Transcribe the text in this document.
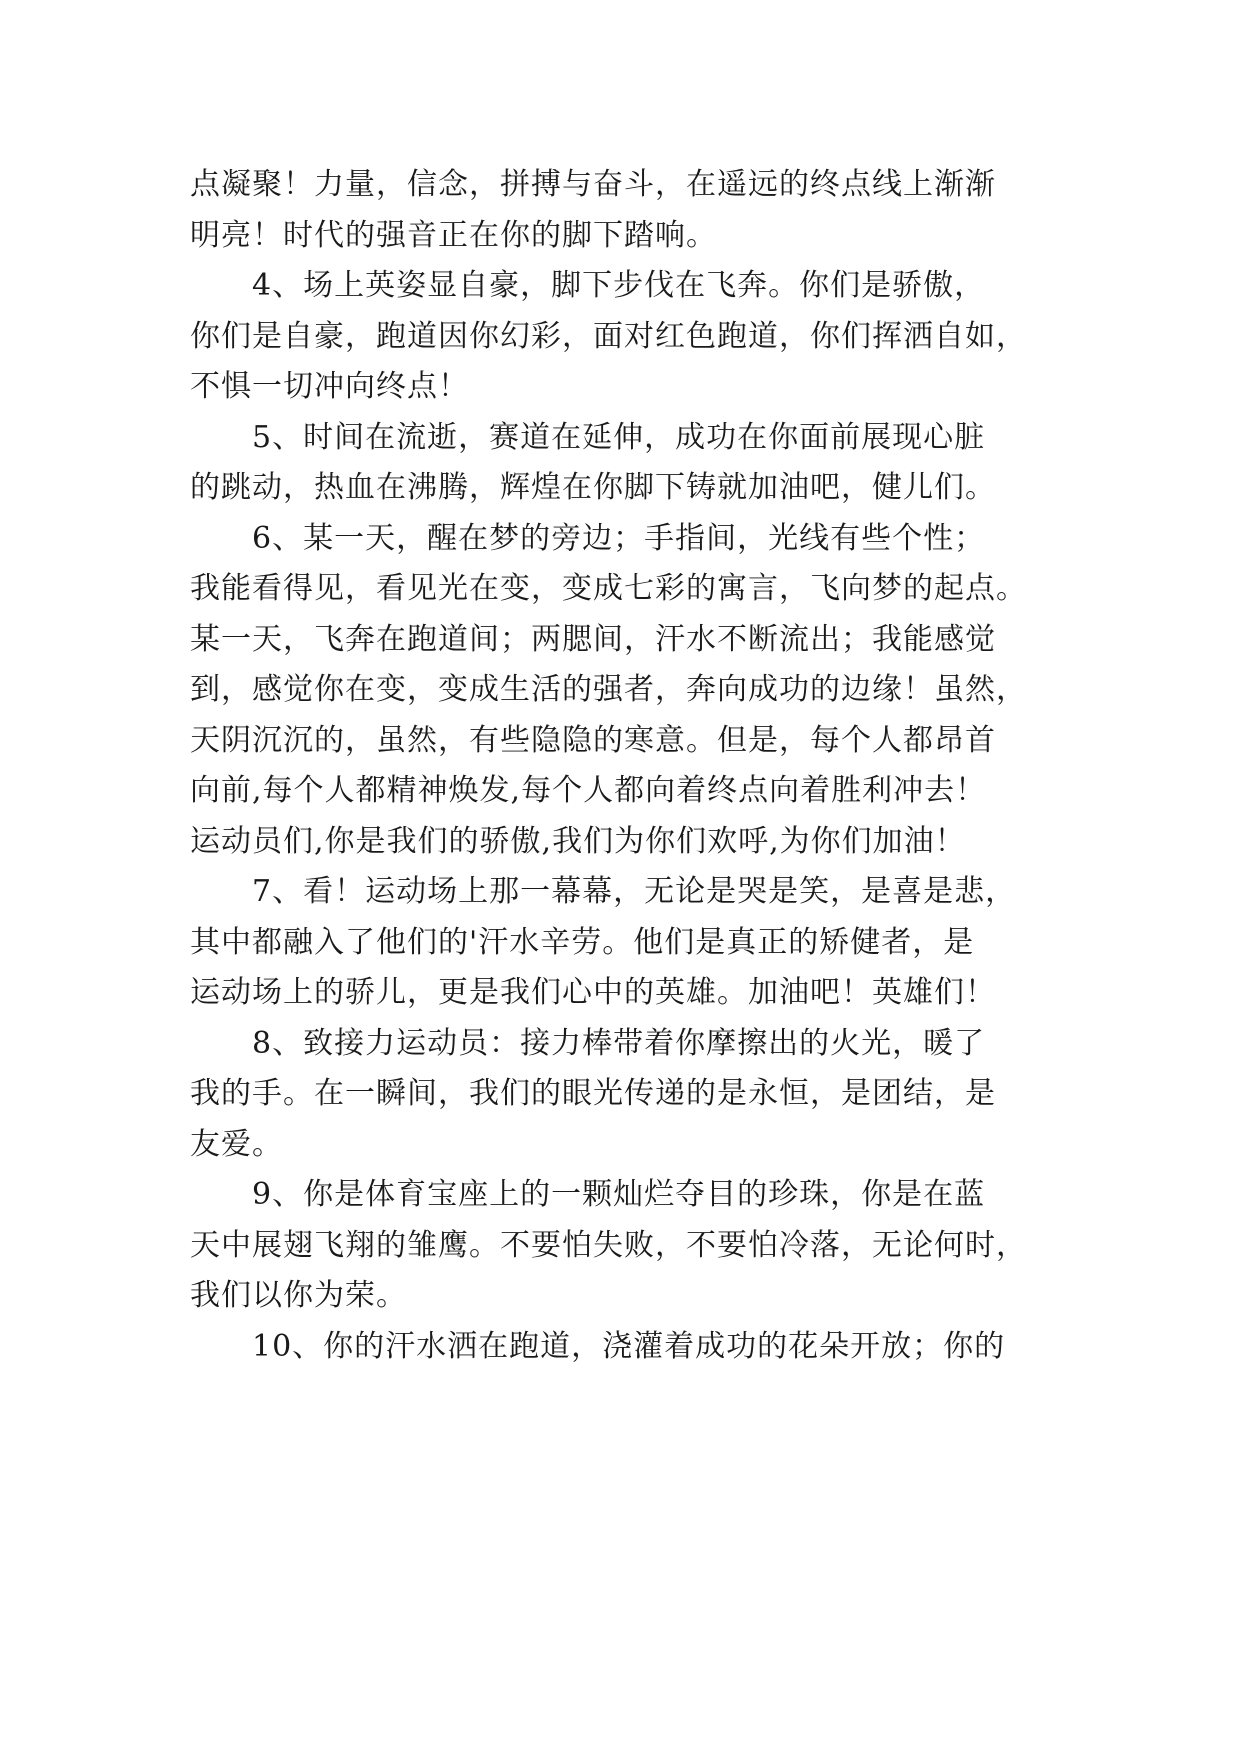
点凝聚！力量，信念，拼搏与奋斗，在遥远的终点线上渐渐
明亮！时代的强音正在你的脚下踏响。
4、场上英姿显自豪，脚下步伐在飞奔。你们是骄傲，
你们是自豪，跑道因你幻彩，面对红色跑道，你们挥洒自如，
不惧一切冲向终点！
5、时间在流逝，赛道在延伸，成功在你面前展现心脏
的跳动，热血在沸腾，辉煌在你脚下铸就加油吧，健儿们。
6、某一天，醒在梦的旁边；手指间，光线有些个性；
我能看得见，看见光在变，变成七彩的寓言，飞向梦的起点。
某一天，飞奔在跑道间；两腮间，汗水不断流出；我能感觉
到，感觉你在变，变成生活的强者，奔向成功的边缘！虽然，
天阴沉沉的，虽然，有些隐隐的寒意。但是，每个人都昂首
向前,每个人都精神焕发,每个人都向着终点向着胜利冲去！
运动员们,你是我们的骄傲,我们为你们欢呼,为你们加油！
7、看！运动场上那一幕幕，无论是哭是笑，是喜是悲，
其中都融入了他们的'汗水辛劳。他们是真正的矫健者，是
运动场上的骄儿，更是我们心中的英雄。加油吧！英雄们！
8、致接力运动员：接力棒带着你摩擦出的火光，暖了
我的手。在一瞬间，我们的眼光传递的是永恒，是团结，是
友爱。
9、你是体育宝座上的一颗灿烂夺目的珍珠，你是在蓝
天中展翅飞翔的雏鹰。不要怕失败，不要怕冷落，无论何时，
我们以你为荣。
10、你的汗水洒在跑道，浇灌着成功的花朵开放；你的
